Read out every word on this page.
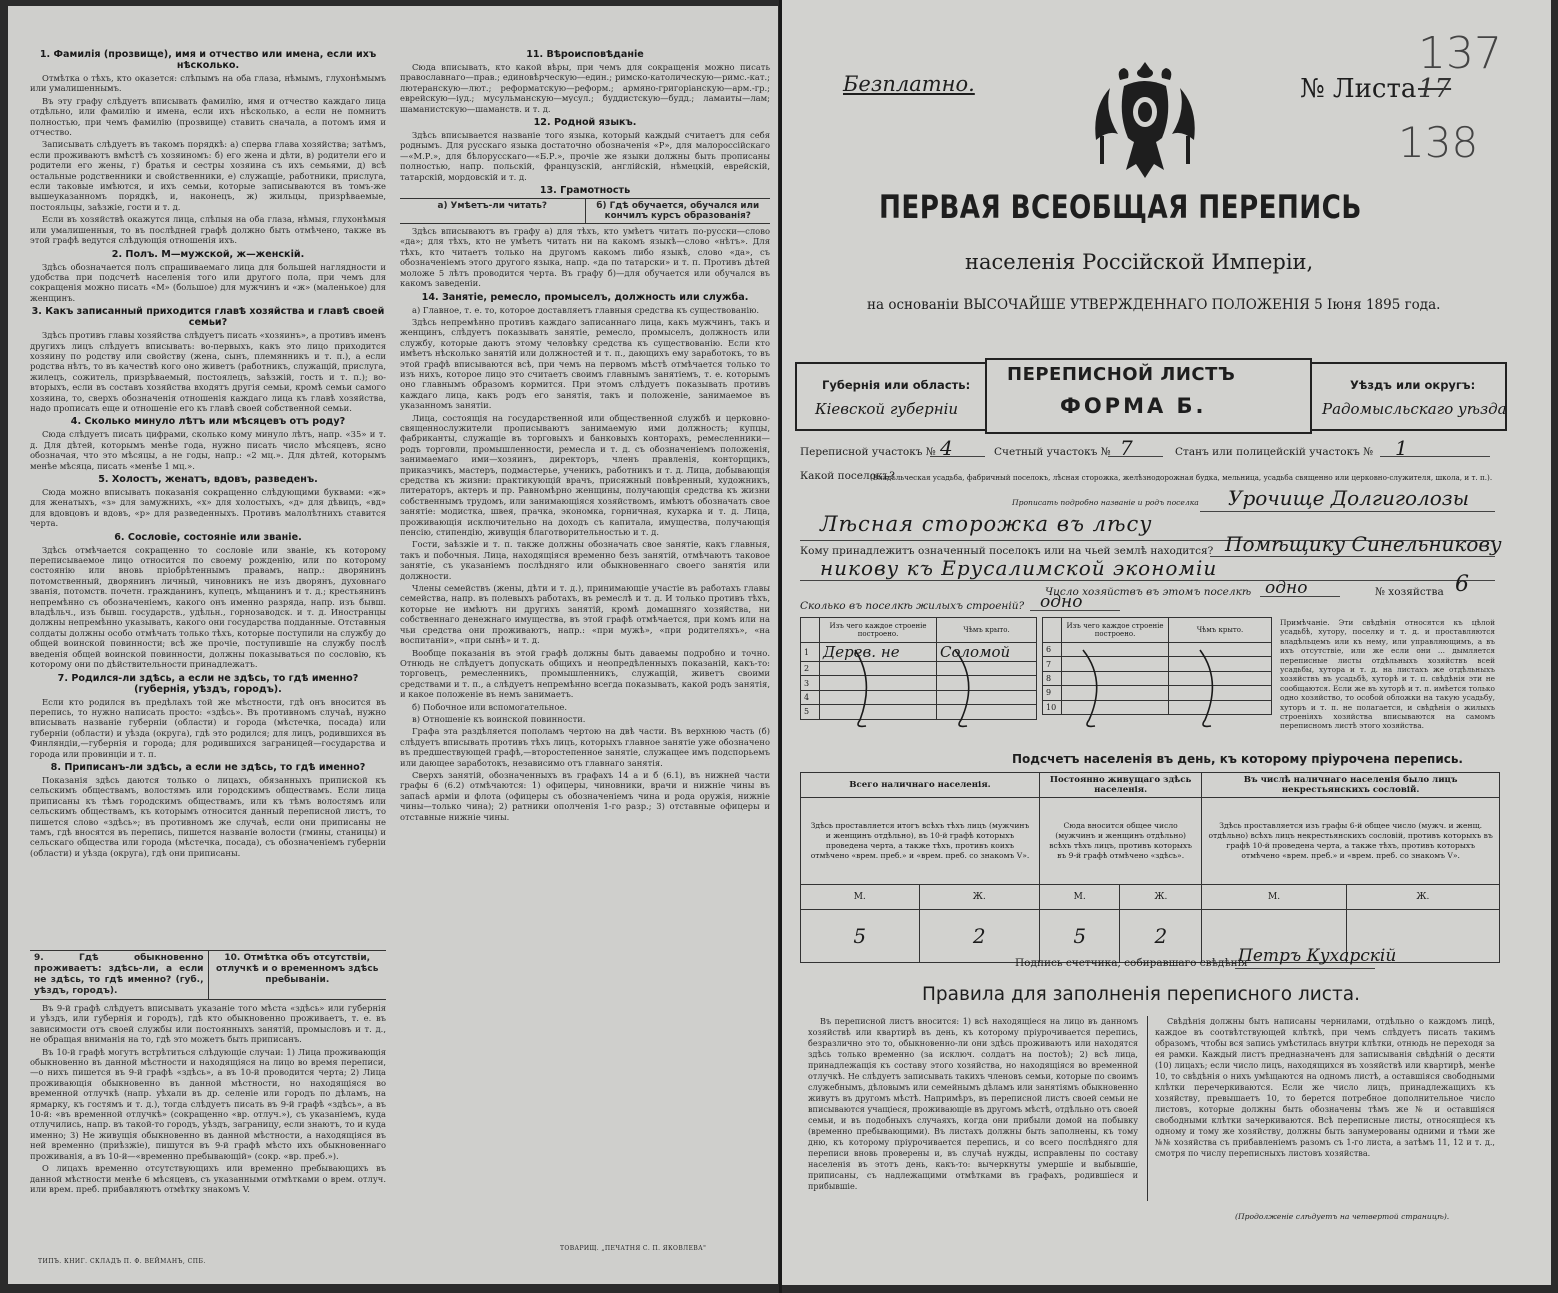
1. Фамилія (прозвище), имя и отчество или имена, если ихъ нѣсколько.

Отмѣтка о тѣхъ, кто оказется: слѣпымъ на оба глаза, нѣмымъ, глухонѣмымъ или умалишеннымъ.

Въ эту графу слѣдуетъ вписывать фамилію, имя и отчество каждаго лица отдѣльно, или фамилію и имена, если ихъ нѣсколько, а если не помнитъ полностью, при чемъ фамилію (прозвище) ставить сначала, а потомъ имя и отчество.

Записывать слѣдуетъ въ такомъ порядкѣ: а) сперва глава хозяйства; затѣмъ, если проживаютъ вмѣстѣ съ хозяиномъ: б) его жена и дѣти, в) родители его и родители его жены, г) братья и сестры хозяина съ ихъ семьями, д) всѣ остальные родственники и свойственники, е) служащіе, работники, прислуга, если таковые имѣются, и ихъ семьи, которые записываются въ томъ-же вышеуказанномъ порядкѣ, и, наконецъ, ж) жильцы, призрѣваемые, постояльцы, заѣзжіе, гости и т. д.

Если въ хозяйствѣ окажутся лица, слѣпыя на оба глаза, нѣмыя, глухонѣмыя или умалишенныя, то въ послѣдней графѣ должно быть отмѣчено, также въ этой графѣ ведутся слѣдующія отношенія ихъ.

2. Полъ. М—мужской, ж—женскій.

Здѣсь обозначается полъ спрашиваемаго лица для большей наглядности и удобства при подсчетѣ населенія того или другого пола, при чемъ для сокращенія можно писать «М» (большое) для мужчинъ и «ж» (маленькое) для женщинъ.

3. Какъ записанный приходится главѣ хозяйства и главѣ своей семьи?

Здѣсь противъ главы хозяйства слѣдуетъ писать «хозяинъ», а противъ именъ другихъ лицъ слѣдуетъ вписывать: во-первыхъ, какъ это лицо приходится хозяину по родству или свойству (жена, сынъ, племянникъ и т. п.), а если родства нѣтъ, то въ качествѣ кого оно живетъ (работникъ, служащій, прислуга, жилецъ, сожитель, призрѣваемый, постоялецъ, заѣзжій, гость и т. п.); во-вторыхъ, если въ составъ хозяйства входятъ другія семьи, кромѣ семьи самого хозяина, то, сверхъ обозначенія отношенія каждаго лица къ главѣ хозяйства, надо прописать еще и отношеніе его къ главѣ своей собственной семьи.

4. Сколько минуло лѣтъ или мѣсяцевъ отъ роду?

Сюда слѣдуетъ писать цифрами, сколько кому минуло лѣтъ, напр. «35» и т. д. Для дѣтей, которымъ менѣе года, нужно писать число мѣсяцевъ, ясно обозначая, что это мѣсяцы, а не годы, напр.: «2 мц.». Для дѣтей, которымъ менѣе мѣсяца, писать «менѣе 1 мц.».

5. Холостъ, женатъ, вдовъ, разведенъ.

Сюда можно вписывать показанія сокращенно слѣдующими буквами: «ж» для женатыхъ, «з» для замужнихъ, «х» для холостыхъ, «д» для дѣвицъ, «вд» для вдовцовъ и вдовъ, «р» для разведенныхъ. Противъ малолѣтнихъ ставится черта.

6. Сословіе, состояніе или званіе.

Здѣсь отмѣчается сокращенно то сословіе или званіе, къ которому переписываемое лицо относится по своему рожденію, или по которому состоянію или вновь пріобрѣтеннымъ правамъ, напр.: дворянинъ потомственный, дворянинъ личный, чиновникъ не изъ дворянъ, духовнаго званія, потомств. почетн. гражданинъ, купецъ, мѣщанинъ и т. д.; крестьянинъ непремѣнно съ обозначеніемъ, какого онъ именно разряда, напр. изъ бывш. владѣльч., изъ бывш. государств., удѣльн., горнозаводск. и т. д. Иностранцы должны непремѣнно указывать, какого они государства подданные. Отставныя солдаты должны особо отмѣчать только тѣхъ, которые поступили на службу до общей воинской повинности; всѣ же прочіе, поступившіе на службу послѣ введенія общей воинской повинности, должны показываться по сословію, къ которому они по дѣйствительности принадлежатъ.

7. Родился-ли здѣсь, а если не здѣсь, то гдѣ именно? (губернія, уѣздъ, городъ).

Если кто родился въ предѣлахъ той же мѣстности, гдѣ онъ вносится въ перепись, то нужно написать просто: «здѣсь». Въ противномъ случаѣ, нужно вписывать названіе губерніи (области) и города (мѣстечка, посада) или губерніи (области) и уѣзда (округа), гдѣ это родился; для лицъ, родившихся въ Финляндіи,—губернія и города; для родившихся заграницей—государства и города или провинціи и т. п.

8. Приписанъ-ли здѣсь, а если не здѣсь, то гдѣ именно?

Показанія здѣсь даются только о лицахъ, обязанныхъ припиской къ сельскимъ обществамъ, волостямъ или городскимъ обществамъ. Если лица приписаны къ тѣмъ городскимъ обществамъ, или къ тѣмъ волостямъ или сельскимъ обществамъ, къ которымъ относится данный переписной листъ, то пишется слово «здѣсь»; въ противномъ же случаѣ, если они приписаны не тамъ, гдѣ вносятся въ перепись, пишется названіе волости (гмины, станицы) и сельскаго общества или города (мѣстечка, посада), съ обозначеніемъ губерніи (области) и уѣзда (округа), гдѣ они приписаны.

9. Гдѣ обыкновенно проживаетъ: здѣсь-ли, а если не здѣсь, то гдѣ именно? (губ., уѣздъ, городъ).
10. Отмѣтка объ отсутствіи, отлучкѣ и о временномъ здѣсь пребываніи.

Въ 9-й графѣ слѣдуетъ вписывать указаніе того мѣста «здѣсь» или губернія и уѣздъ, или губернія и городъ), гдѣ кто обыкновенно проживаетъ, т. е. въ зависимости отъ своей службы или постоянныхъ занятій, промысловъ и т. д., не обращая вниманія на то, гдѣ это можетъ быть приписанъ.

Въ 10-й графѣ могутъ встрѣтиться слѣдующіе случаи: 1) Лица проживающія обыкновенно въ данной мѣстности и находящіяся на лицо во время переписи,—о нихъ пишется въ 9-й графѣ «здѣсь», а въ 10-й проводится черта; 2) Лица проживающія обыкновенно въ данной мѣстности, но находящіяся во временной отлучкѣ (напр. уѣхали въ др. селеніе или городъ по дѣламъ, на ярмарку, къ гостямъ и т. д.), тогда слѣдуетъ писать въ 9-й графѣ «здѣсь», а въ 10-й: «въ временной отлучкѣ» (сокращенно «вр. отлуч.»), съ указаніемъ, куда отлучились, напр. въ такой-то городъ, уѣздъ, заграницу, если знаютъ, то и куда именно; 3) Не живущія обыкновенно въ данной мѣстности, а находящіяся въ ней временно (приѣзжіе), пишутся въ 9-й графѣ мѣсто ихъ обыкновеннаго проживанія, а въ 10-й—«временно пребывающій» (сокр. «вр. преб.»).

О лицахъ временно отсутствующихъ или временно пребывающихъ въ данной мѣстности менѣе 6 мѣсяцевъ, съ указанными отмѣтками о врем. отлуч. или врем. преб. прибавляютъ отмѣтку знакомъ V.

ТИПЪ. КНИГ. СКЛАДЪ П. Ф. ВЕЙМАНЪ, СПБ.
11. Вѣроисповѣданіе

Сюда вписывать, кто какой вѣры, при чемъ для сокращенія можно писать православнаго—прав.; единовѣрческую—един.; римско-католическую—римс.-кат.; лютеранскую—лют.; реформатскую—реформ.; армяно-григоріанскую—арм.-гр.; еврейскую—іуд.; мусульманскую—мусул.; буддистскую—будд.; ламаиты—лам; шаманистскую—шаманств. и т. д.

12. Родной языкъ.

Здѣсь вписывается названіе того языка, который каждый считаетъ для себя роднымъ. Для русскаго языка достаточно обозначенія «Р», для малороссійскаго—«М.Р.», для бѣлорусскаго—«Б.Р.», прочіе же языки должны быть прописаны полностью, напр. польскій, французскій, англійскій, нѣмецкій, еврейскій, татарскій, мордовскій и т. д.

13. Грамотность
а) Умѣетъ-ли читать?	б) Гдѣ обучается, обучался или кончилъ курсъ образованія?

Здѣсь вписываютъ въ графу а) для тѣхъ, кто умѣетъ читать по-русски—слово «да»; для тѣхъ, кто не умѣетъ читать ни на какомъ языкѣ—слово «нѣтъ». Для тѣхъ, кто читаетъ только на другомъ какомъ либо языкѣ, слово «да», съ обозначеніемъ этого другого языка, напр. «да по татарски» и т. п. Противъ дѣтей моложе 5 лѣтъ проводится черта. Въ графу б)—для обучается или обучался въ какомъ заведеніи.

14. Занятіе, ремесло, промыселъ, должность или служба.

а) Главное, т. е. то, которое доставляетъ главныя средства къ существованію.

Здѣсь непремѣнно противъ каждаго записаннаго лица, какъ мужчинъ, такъ и женщинъ, слѣдуетъ показывать занятіе, ремесло, промыселъ, должность или службу, которые даютъ этому человѣку средства къ существованію. Если кто имѣетъ нѣсколько занятій или должностей и т. п., дающихъ ему заработокъ, то въ этой графѣ вписываются всѣ, при чемъ на первомъ мѣстѣ отмѣчается только то изъ нихъ, которое лицо это считаетъ своимъ главнымъ занятіемъ, т. е. которымъ оно главнымъ образомъ кормится. При этомъ слѣдуетъ показывать противъ каждаго лица, какъ родъ его занятія, такъ и положеніе, занимаемое въ указанномъ занятіи.

Лица, состоящія на государственной или общественной службѣ и церковно-священнослужители прописываютъ занимаемую ими должность; купцы, фабриканты, служащіе въ торговыхъ и банковыхъ конторахъ, ремесленники—родъ торговли, промышленности, ремесла и т. д. съ обозначеніемъ положенія, занимаемаго ими—хозяинъ, директоръ, членъ правленія, конторщикъ, приказчикъ, мастеръ, подмастерье, ученикъ, работникъ и т. д. Лица, добывающія средства къ жизни: практикующій врачъ, присяжный повѣренный, художникъ, литераторъ, актеръ и пр. Равномѣрно женщины, получающія средства къ жизни собственнымъ трудомъ, или занимающіяся хозяйствомъ, имѣютъ обозначать свое занятіе: модистка, швея, прачка, экономка, горничная, кухарка и т. д. Лица, проживающія исключительно на доходъ съ капитала, имущества, получающія пенсію, стипендію, живущія благотворительностью и т. д.

Гости, заѣзжіе и т. п. также должны обозначать свое занятіе, какъ главныя, такъ и побочныя. Лица, находящіяся временно безъ занятій, отмѣчаютъ таковое занятіе, съ указаніемъ послѣдняго или обыкновеннаго своего занятія или должности.

Члены семействъ (жены, дѣти и т. д.), принимающіе участіе въ работахъ главы семейства, напр. въ полевыхъ работахъ, въ ремеслѣ и т. д. И только противъ тѣхъ, которые не имѣютъ ни другихъ занятій, кромѣ домашняго хозяйства, ни собственнаго денежнаго имущества, въ этой графѣ отмѣчается, при комъ или на чьи средства они проживаютъ, напр.: «при мужѣ», «при родителяхъ», «на воспитаніи», «при сынѣ» и т. д.

Вообще показанія въ этой графѣ должны быть даваемы подробно и точно. Отнюдь не слѣдуетъ допускать общихъ и неопредѣленныхъ показаній, какъ-то: торговецъ, ремесленникъ, промышленникъ, служащій, живетъ своими средствами и т. п., а слѣдуетъ непремѣнно всегда показывать, какой родъ занятія, и какое положеніе въ немъ занимаетъ.

б) Побочное или вспомогательное.

в) Отношеніе къ воинской повинности.

Графа эта раздѣляется пополамъ чертою на двѣ части. Въ верхнюю часть (б) слѣдуетъ вписывать противъ тѣхъ лицъ, которыхъ главное занятіе уже обозначено въ предшествующей графѣ,—второстепенное занятіе, служащее имъ подспорьемъ или дающее заработокъ, независимо отъ главнаго занятія.

Сверхъ занятій, обозначенныхъ въ графахъ 14 а и б (6.1), въ нижней части графы 6 (6.2) отмѣчаются: 1) офицеры, чиновники, врачи и нижніе чины въ запасѣ арміи и флота (офицеры съ обозначеніемъ чина и рода оружія, нижніе чины—только чина); 2) ратники ополченія 1-го разр.; 3) отставные офицеры и отставные нижніе чины.

ТОВАРИЩ. „ПЕЧАТНЯ С. П. ЯКОВЛЕВА"
Безплатно.	№ Листа 17
137
138
ПЕРВАЯ ВСЕОБЩАЯ ПЕРЕПИСЬ
населенія Россійской Имперіи,
на основаніи ВЫСОЧАЙШЕ УТВЕРЖДЕННАГО ПОЛОЖЕНІЯ 5 Іюня 1895 года.
Губернія или область:
Кіевской губерніи
ПЕРЕПИСНОЙ ЛИСТЪ
ФОРМА Б.
Уѣздъ или округъ:
Радомысльскаго уѣзда
Переписной участокъ № 4	Счетный участокъ № 7	Станъ или полицейскій участокъ № 1
Какой поселокъ?
(Владѣльческая усадьба, фабричный поселокъ, лѣсная сторожка, желѣзнодорожная будка, мельница, усадьба священно или церковно-служителя, школа, и т. п.).
Прописать подробно названіе и родъ поселка Урочище Долгиголозы
Лѣсная сторожка въ лѣсу
Кому принадлежитъ означенный поселокъ или на чьей землѣ находится? Помѣщику Синельникову
никову къ Ерусалимской экономіи
Число хозяйствъ въ этомъ поселкѣ одно	№ хозяйства 6
Сколько въ поселкѣ жилыхъ строеній? одно
	Изъ чего каждое строеніе построено.	Чѣмъ крыто.
1	Дерев. не	Соломой
2		
3		
4		
5		
	Изъ чего каждое строеніе построено.	Чѣмъ крыто.
6		
7		
8		
9		
10		
Примѣчаніе. Эти свѣдѣнія относятся къ цѣлой усадьбѣ, хутору, поселку и т. д. и проставляются владѣльцемъ или къ нему, или управляющимъ, а въ ихъ отсутствіе, или же если они ... дымляется переписные листы отдѣльныхъ хозяйствъ всей усадьбы, хутора и т. д. на листахъ же отдѣльныхъ хозяйствъ въ усадьбѣ, хуторѣ и т. п. свѣдѣнія эти не сообщаются. Если же въ хуторѣ и т. п. имѣется только одно хозяйство, то особой обложки на такую усадьбу, хуторъ и т. п. не полагается, и свѣдѣнія о жилыхъ строеніяхъ хозяйства вписываются на самомъ переписномъ листѣ этого хозяйства.
Подсчетъ населенія въ день, къ которому пріурочена перепись.
Всего наличнаго населенія.		Постоянно живущаго здѣсь населенія.		Въ числѣ наличнаго населенія было лицъ некрестьянскихъ сословій.	
Здѣсь проставляется итогъ всѣхъ тѣхъ лицъ (мужчинъ и женщинъ отдѣльно), въ 10-й графѣ которыхъ проведена черта, а также тѣхъ, противъ коихъ отмѣчено «врем. преб.» и «врем. преб. со знакомъ V».		Сюда вносится общее число (мужчинъ и женщинъ отдѣльно) всѣхъ тѣхъ лицъ, противъ которыхъ въ 9-й графѣ отмѣчено «здѣсь».		Здѣсь проставляется изъ графы 6-й общее число (мужч. и женщ. отдѣльно) всѣхъ лицъ некрестьянскихъ сословій, противъ которыхъ въ графѣ 10-й проведена черта, а также тѣхъ, противъ которыхъ отмѣчено «врем. преб.» и «врем. преб. со знакомъ V».	
М.	Ж.	М.	Ж.	М.	Ж.
5	2	5	2		
Подпись счетчика, собиравшаго свѣдѣнія
Петръ Кухарскій
Правила для заполненія переписного листа.

Въ переписной листъ вносится: 1) всѣ находящіеся на лицо въ данномъ хозяйствѣ или квартирѣ въ день, къ которому пріурочивается перепись, безразлично это то, обыкновенно-ли они здѣсь проживаютъ или находятся здѣсь только временно (за исключ. солдатъ на постоѣ); 2) всѣ лица, принадлежащія къ составу этого хозяйства, но находящіяся во временной отлучкѣ. Не слѣдуетъ записывать такихъ членовъ семьи, которые по своимъ служебнымъ, дѣловымъ или семейнымъ дѣламъ или занятіямъ обыкновенно живутъ въ другомъ мѣстѣ. Напримѣръ, въ переписной листъ своей семьи не вписываются учащіеся, проживающіе въ другомъ мѣстѣ, отдѣльно отъ своей семьи, и въ подобныхъ случаяхъ, когда они прибыли домой на побывку (временно пребывающими). Въ листахъ должны быть заполнены, къ тому дню, къ которому пріурочивается перепись, и со всего послѣдняго для переписи вновь проверены и, въ случаѣ нужды, исправлены по составу населенія въ этотъ день, какъ-то: вычеркнуты умершіе и выбывшіе, приписаны, съ надлежащими отмѣтками въ графахъ, родившіеся и прибывшіе.

Свѣдѣнія должны быть написаны чернилами, отдѣльно о каждомъ лицѣ, каждое въ соотвѣтствующей клѣткѣ, при чемъ слѣдуетъ писать такимъ образомъ, чтобы вся запись умѣстилась внутри клѣтки, отнюдь не переходя за ея рамки. Каждый листъ предназначенъ для записыванія свѣдѣній о десяти (10) лицахъ; если число лицъ, находящихся въ хозяйствѣ или квартирѣ, менѣе 10, то свѣдѣнія о нихъ умѣщаются на одномъ листѣ, а оставшіяся свободными клѣтки перечеркиваются. Если же число лицъ, принадлежащихъ къ хозяйству, превышаетъ 10, то берется потребное дополнительное число листовъ, которые должны быть обозначены тѣмъ же № и оставшіяся свободными клѣтки зачеркиваются. Всѣ переписные листы, относящіеся къ одному и тому же хозяйству, должны быть занумерованы одними и тѣми же №№ хозяйства съ прибавленіемъ разомъ съ 1-го листа, а затѣмъ 11, 12 и т. д., смотря по числу переписныхъ листовъ хозяйства.

(Продолженіе слѣдуетъ на четвертой страницѣ).
